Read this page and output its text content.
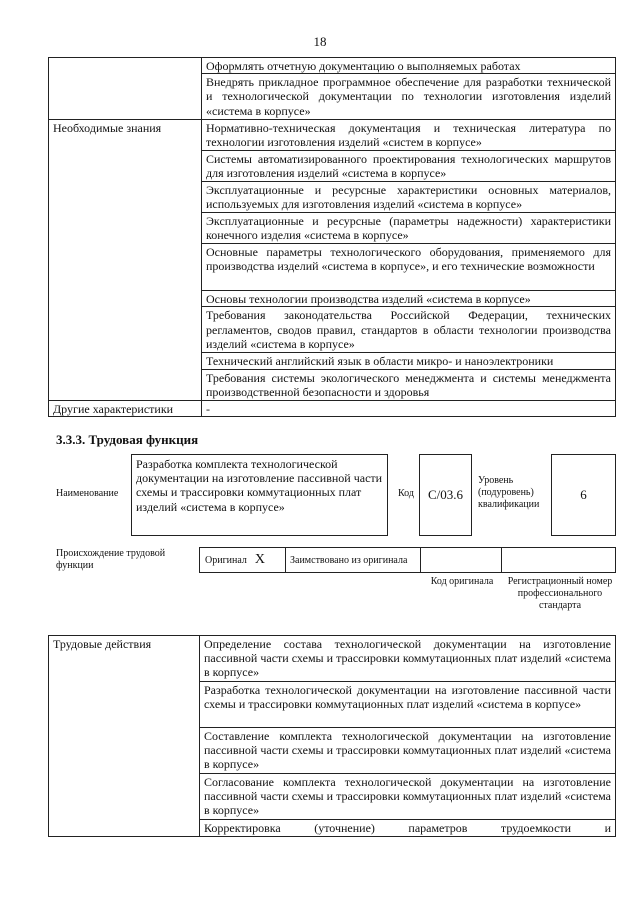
18
	Оформлять отчетную документацию о выполняемых работах
	Внедрять прикладное программное обеспечение для разработки технической и технологической документации по технологии изготовления изделий «система в корпусе»
Необходимые знания	Нормативно-техническая документация и техническая литература по технологии изготовления изделий «систем в корпусе»
	Системы автоматизированного проектирования технологических маршрутов для изготовления изделий «система в корпусе»
	Эксплуатационные и ресурсные характеристики основных материалов, используемых для изготовления изделий «система в корпусе»
	Эксплуатационные и ресурсные (параметры надежности) характеристики конечного изделия «система в корпусе»
	Основные параметры технологического оборудования, применяемого для производства изделий «система в корпусе», и его технические возможности
	Основы технологии производства изделий «система в корпусе»
	Требования законодательства Российской Федерации, технических регламентов, сводов правил, стандартов в области технологии производства изделий «система в корпусе»
	Технический английский язык в области микро- и наноэлектроники
	Требования системы экологического менеджмента и системы менеджмента производственной безопасности и здоровья
Другие характеристики	-
3.3.3. Трудовая функция
Наименование
Разработка комплекта технологической документации на изготовление пассивной части схемы и трассировки коммутационных плат изделий «система в корпусе»
Код	С/03.6
Уровень (подуровень) квалификации
6
Происхождение трудовой функции	Оригинал X Заимствовано из оригинала
Код оригинала	Регистрационный номер профессионального стандарта
Трудовые действия	Определение состава технологической документации на изготовление пассивной части схемы и трассировки коммутационных плат изделий «система в корпусе»
Разработка технологической документации на изготовление пассивной части схемы и трассировки коммутационных плат изделий «система в корпусе»
Составление комплекта технологической документации на изготовление пассивной части схемы и трассировки коммутационных плат изделий «система в корпусе»
Согласование комплекта технологической документации на изготовление пассивной части схемы и трассировки коммутационных плат изделий «система в корпусе»
Корректировка (уточнение) параметров трудоемкости и
